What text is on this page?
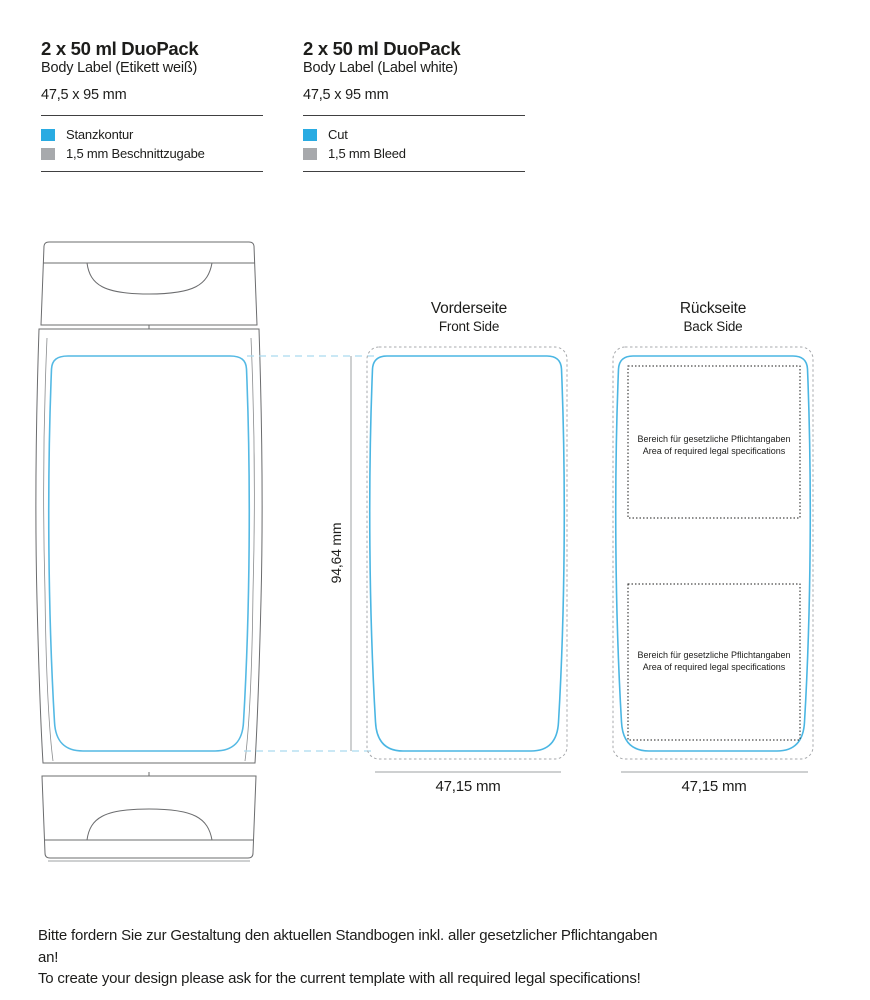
2 x 50 ml DuoPack
Body Label (Etikett weiß)
47,5 x 95 mm
Stanzkontur
1,5 mm Beschnittzugabe
2 x 50 ml DuoPack
Body Label (Label white)
47,5 x 95 mm
Cut
1,5 mm Bleed
Vorderseite
Front Side
Rückseite
Back Side
94,64 mm
47,15 mm	47,15 mm
Bereich für gesetzliche Pflichtangaben
Area of required legal specifications
Bereich für gesetzliche Pflichtangaben
Area of required legal specifications
Bitte fordern Sie zur Gestaltung den aktuellen Standbogen inkl. aller gesetzlicher Pflichtangaben an!
To create your design please ask for the current template with all required legal specifications!
